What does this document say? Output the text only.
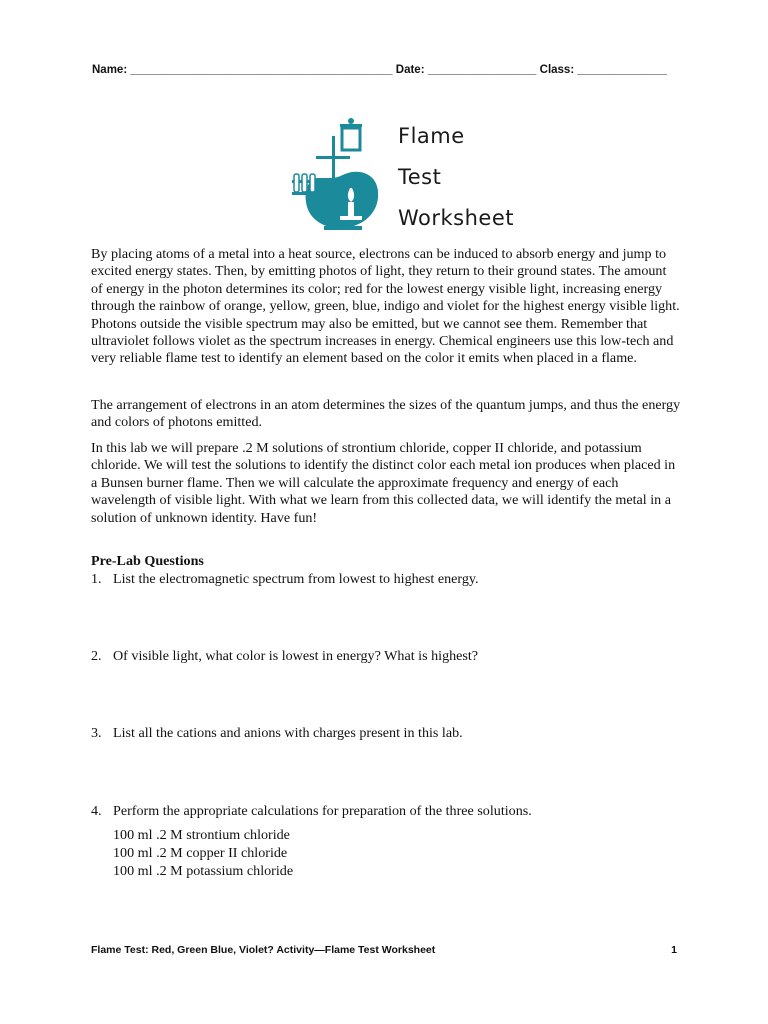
Name: _________________________________________ Date: _________________ Class: ______________
Flame
Test
Worksheet
By placing atoms of a metal into a heat source, electrons can be induced to absorb energy and jump to excited energy states. Then, by emitting photos of light, they return to their ground states. The amount of energy in the photon determines its color; red for the lowest energy visible light, increasing energy through the rainbow of orange, yellow, green, blue, indigo and violet for the highest energy visible light. Photons outside the visible spectrum may also be emitted, but we cannot see them. Remember that ultraviolet follows violet as the spectrum increases in energy. Chemical engineers use this low-tech and very reliable flame test to identify an element based on the color it emits when placed in a flame.
The arrangement of electrons in an atom determines the sizes of the quantum jumps, and thus the energy and colors of photons emitted.
In this lab we will prepare .2 M solutions of strontium chloride, copper II chloride, and potassium chloride. We will test the solutions to identify the distinct color each metal ion produces when placed in a Bunsen burner flame. Then we will calculate the approximate frequency and energy of each wavelength of visible light. With what we learn from this collected data, we will identify the metal in a solution of unknown identity. Have fun!
Pre-Lab Questions
1. List the electromagnetic spectrum from lowest to highest energy.
2. Of visible light, what color is lowest in energy? What is highest?
3. List all the cations and anions with charges present in this lab.
4. Perform the appropriate calculations for preparation of the three solutions.
100 ml .2 M strontium chloride
100 ml .2 M copper II chloride
100 ml .2 M potassium chloride
Flame Test: Red, Green Blue, Violet? Activity—Flame Test Worksheet	1
